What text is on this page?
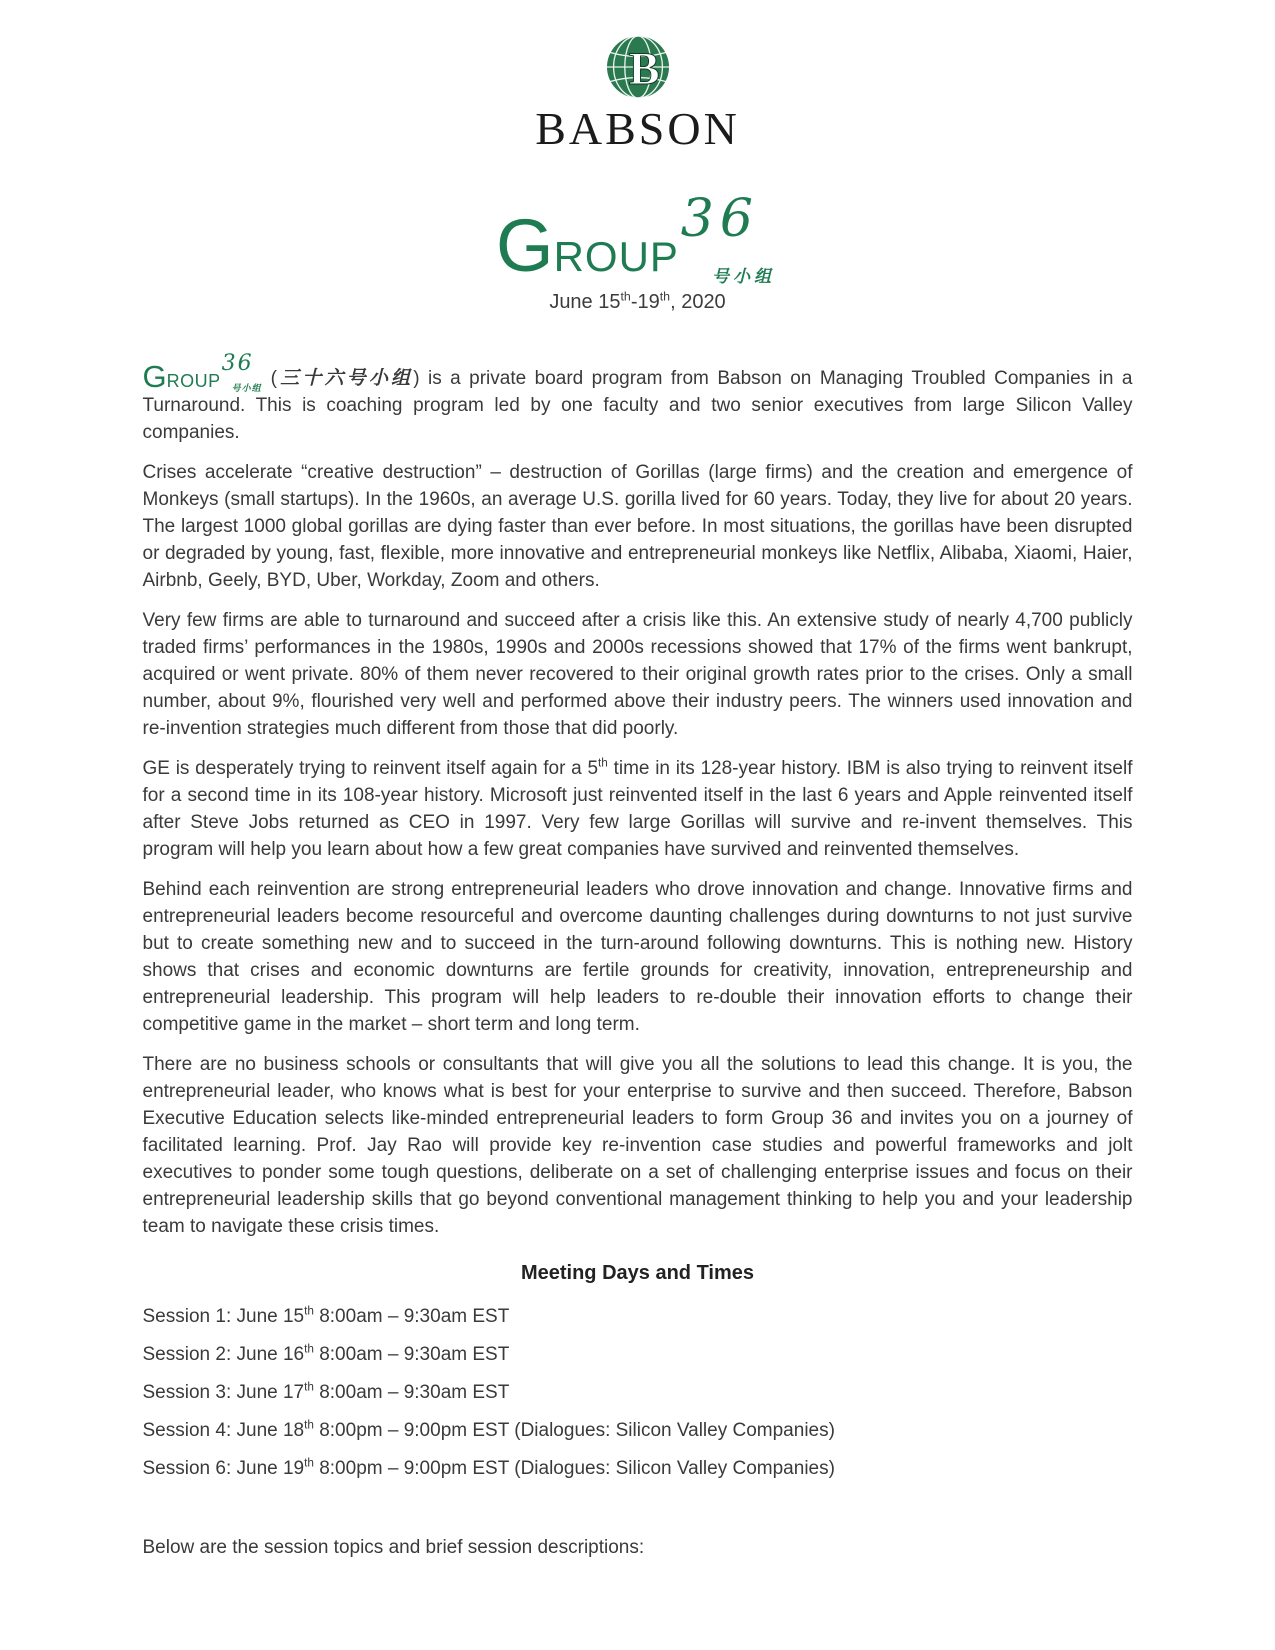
B
BABSON
GROUP
36
号小组
June 15th-19th, 2020

GROUP
36
号小组 (三十六号小组) is a private board program from Babson on Managing Troubled Companies in a Turnaround. This is coaching program led by one faculty and two senior executives from large Silicon Valley companies.

Crises accelerate “creative destruction” – destruction of Gorillas (large firms) and the creation and emergence of Monkeys (small startups). In the 1960s, an average U.S. gorilla lived for 60 years. Today, they live for about 20 years. The largest 1000 global gorillas are dying faster than ever before. In most situations, the gorillas have been disrupted or degraded by young, fast, flexible, more innovative and entrepreneurial monkeys like Netflix, Alibaba, Xiaomi, Haier, Airbnb, Geely, BYD, Uber, Workday, Zoom and others.

Very few firms are able to turnaround and succeed after a crisis like this. An extensive study of nearly 4,700 publicly traded firms’ performances in the 1980s, 1990s and 2000s recessions showed that 17% of the firms went bankrupt, acquired or went private. 80% of them never recovered to their original growth rates prior to the crises. Only a small number, about 9%, flourished very well and performed above their industry peers. The winners used innovation and re-invention strategies much different from those that did poorly.

GE is desperately trying to reinvent itself again for a 5th time in its 128-year history. IBM is also trying to reinvent itself for a second time in its 108-year history. Microsoft just reinvented itself in the last 6 years and Apple reinvented itself after Steve Jobs returned as CEO in 1997. Very few large Gorillas will survive and re-invent themselves. This program will help you learn about how a few great companies have survived and reinvented themselves.

Behind each reinvention are strong entrepreneurial leaders who drove innovation and change. Innovative firms and entrepreneurial leaders become resourceful and overcome daunting challenges during downturns to not just survive but to create something new and to succeed in the turn-around following downturns. This is nothing new. History shows that crises and economic downturns are fertile grounds for creativity, innovation, entrepreneurship and entrepreneurial leadership. This program will help leaders to re-double their innovation efforts to change their competitive game in the market – short term and long term.

There are no business schools or consultants that will give you all the solutions to lead this change. It is you, the entrepreneurial leader, who knows what is best for your enterprise to survive and then succeed. Therefore, Babson Executive Education selects like-minded entrepreneurial leaders to form Group 36 and invites you on a journey of facilitated learning. Prof. Jay Rao will provide key re-invention case studies and powerful frameworks and jolt executives to ponder some tough questions, deliberate on a set of challenging enterprise issues and focus on their entrepreneurial leadership skills that go beyond conventional management thinking to help you and your leadership team to navigate these crisis times.

Meeting Days and Times

Session 1: June 15th 8:00am – 9:30am EST

Session 2: June 16th 8:00am – 9:30am EST

Session 3: June 17th 8:00am – 9:30am EST

Session 4: June 18th 8:00pm – 9:00pm EST (Dialogues: Silicon Valley Companies)

Session 6: June 19th 8:00pm – 9:00pm EST (Dialogues: Silicon Valley Companies)

Below are the session topics and brief session descriptions:
